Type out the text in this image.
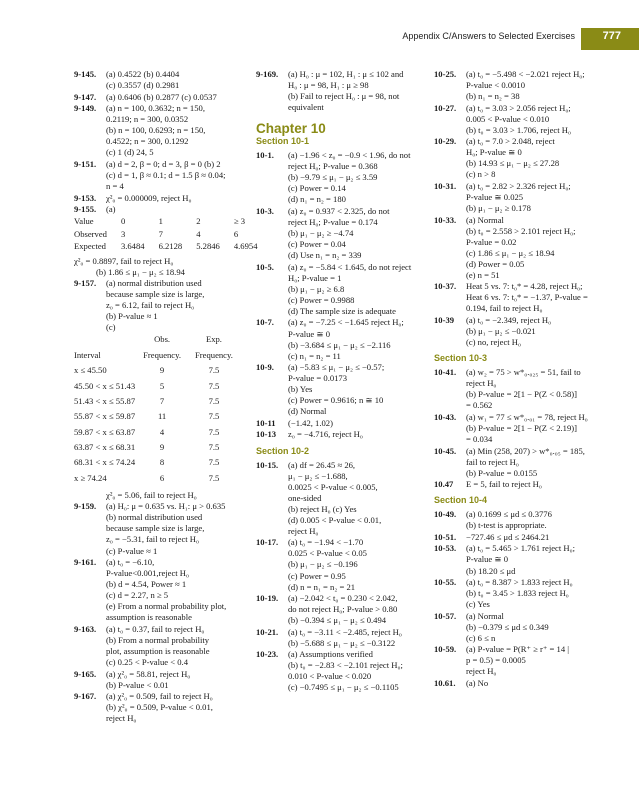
Appendix C/Answers to Selected Exercises	777
9-145. (a) 0.4522 (b) 0.4404
(c) 0.3557 (d) 0.2981
9-147. (a) 0.6406 (b) 0.2877 (c) 0.0537
9-149. (a) n = 100, 0.3632; n = 150,
0.2119; n = 300, 0.0352
(b) n = 100, 0.6293; n = 150,
0.4522; n = 300, 0.1292
(c) 1 (d) 24, 5
9-151. (a) d = 2, β = 0; d = 3, β = 0 (b) 2
(c) d = 1, β ≈ 0.1; d = 1.5 β ≈ 0.04;
n = 4
9-153. χ²₀ = 0.000009, reject H₀
9-155. (a)
Value	0	1	2	≥ 3
Observed	3	7	4	6
Expected	3.6484	6.2128	5.2846	4.6954
χ²₀ = 0.8897, fail to reject H₀
(b) 1.86 ≤ μ₁ − μ₂ ≤ 18.94
9-157. (a) normal distribution used
because sample size is large,
z₀ = 6.12, fail to reject H₀
(b) P-value ≈ 1
(c)
	Obs.	Exp.
Interval	Frequency.	Frequency.
x ≤ 45.50	9	7.5
45.50 < x ≤ 51.43	5	7.5
51.43 < x ≤ 55.87	7	7.5
55.87 < x ≤ 59.87	11	7.5
59.87 < x ≤ 63.87	4	7.5
63.87 < x ≤ 68.31	9	7.5
68.31 < x ≤ 74.24	8	7.5
x ≥ 74.24	6	7.5
χ²₀ = 5.06, fail to reject H₀
9-159. (a) H₀: μ = 0.635 vs. H₁: μ > 0.635
(b) normal distribution used
because sample size is large,
z₀ = −5.31, fail to reject H₀
(c) P-value ≈ 1
9-161. (a) t₀ = −6.10,
P-value<0.001,reject H₀
(b) d = 4.54, Power ≈ 1
(c) d = 2.27, n ≥ 5
(e) From a normal probability plot,
assumption is reasonable
9-163. (a) t₀ = 0.37, fail to reject H₀
(b) From a normal probability
plot, assumption is reasonable
(c) 0.25 < P-value < 0.4
9-165. (a) χ²₀ = 58.81, reject H₀
(b) P-value < 0.01
9-167. (a) χ²₀ = 0.509, fail to reject H₀
(b) χ²₀ = 0.509, P-value < 0.01,
reject H₀
9-169. (a) H₀ : μ = 102, H₁ : μ ≤ 102 and
H₀ : μ = 98, H₁ : μ ≥ 98
(b) Fail to reject H₀ : μ = 98, not
equivalent
Chapter 10
Section 10-1
10-1. (a) −1.96 < z₀ = −0.9 < 1.96, do not
reject H₀; P-value = 0.368
(b) −9.79 ≤ μ₁ − μ₂ ≤ 3.59
(c) Power = 0.14
(d) n₁ = n₂ = 180
10-3. (a) z₀ = 0.937 < 2.325, do not
reject H₀; P-value = 0.174
(b) μ₁ − μ₂ ≥ −4.74
(c) Power = 0.04
(d) Use n₁ = n₂ = 339
10-5. (a) z₀ = −5.84 < 1.645, do not reject
H₀; P-value = 1
(b) μ₁ − μ₂ ≥ 6.8
(c) Power = 0.9988
(d) The sample size is adequate
10-7. (a) z₀ = −7.25 < −1.645 reject H₀;
P-value ≅ 0
(b) −3.684 ≤ μ₁ − μ₂ ≤ −2.116
(c) n₁ = n₂ = 11
10-9. (a) −5.83 ≤ μ₁ − μ₂ ≤ −0.57;
P-value = 0.0173
(b) Yes
(c) Power = 0.9616; n ≅ 10
(d) Normal
10-11 (−1.42, 1.02)
10-13 z₀ = −4.716, reject H₀
Section 10-2
10-15. (a) df = 26.45 ≈ 26,
μ₁ − μ₂ ≤ −1.688,
0.0025 < P-value < 0.005,
one-sided
(b) reject H₀ (c) Yes
(d) 0.005 < P-value < 0.01,
reject H₀
10-17. (a) t₀ = −1.94 < −1.70
0.025 < P-value < 0.05
(b) μ₁ − μ₂ ≤ −0.196
(c) Power = 0.95
(d) n = n₁ = n₂ = 21
10-19. (a) −2.042 < t₀ = 0.230 < 2.042,
do not reject H₀; P-value > 0.80
(b) −0.394 ≤ μ₁ − μ₂ ≤ 0.494
10-21. (a) t₀ = −3.11 < −2.485, reject H₀
(b) −5.688 ≤ μ₁ − μ₂ ≤ −0.3122
10-23. (a) Assumptions verified
(b) t₀ = −2.83 < −2.101 reject H₀;
0.010 < P-value < 0.020
(c) −0.7495 ≤ μ₁ − μ₂ ≤ −0.1105
10-25. (a) t₀ = −5.498 < −2.021 reject H₀;
P-value < 0.0010
(b) n₁ = n₂ = 38
10-27. (a) t₀ = 3.03 > 2.056 reject H₀;
0.005 < P-value < 0.010
(b) t₀ = 3.03 > 1.706, reject H₀
10-29. (a) t₀ = 7.0 > 2.048, reject
H₀; P-value ≅ 0
(b) 14.93 ≤ μ₁ − μ₂ ≤ 27.28
(c) n > 8
10-31. (a) t₀ = 2.82 > 2.326 reject H₀;
P-value ≅ 0.025
(b) μ₁ − μ₂ ≥ 0.178
10-33. (a) Normal
(b) t₀ = 2.558 > 2.101 reject H₀;
P-value = 0.02
(c) 1.86 ≤ μ₁ − μ₂ ≤ 18.94
(d) Power = 0.05
(e) n = 51
10-37. Heat 5 vs. 7: t₀* = 4.28, reject H₀;
Heat 6 vs. 7: t₀* = −1.37, P-value =
0.194, fail to reject H₀
10-39 (a) t₀ = −2.349, reject H₀
(b) μ₁ − μ₂ ≤ −0.021
(c) no, reject H₀
Section 10-3
10-41. (a) w₂ = 75 > w*₀.₀₂₅ = 51, fail to
reject H₀
(b) P-value = 2[1 − P(Z < 0.58)]
= 0.562
10-43. (a) w₁ = 77 ≤ w*₀.₀₁ = 78, reject H₀
(b) P-value = 2[1 − P(Z < 2.19)]
= 0.034
10-45. (a) Min (258, 207) > w*₀.₀₅ = 185,
fail to reject H₀
(b) P-value = 0.0155
10.47 E = 5, fail to reject H₀
Section 10-4
10-49. (a) 0.1699 ≤ μd ≤ 0.3776
(b) t-test is appropriate.
10-51. −727.46 ≤ μd ≤ 2464.21
10-53. (a) t₀ = 5.465 > 1.761 reject H₀;
P-value ≅ 0
(b) 18.20 ≤ μd
10-55. (a) t₀ = 8.387 > 1.833 reject H₀
(b) t₀ = 3.45 > 1.833 reject H₀
(c) Yes
10-57. (a) Normal
(b) −0.379 ≤ μd ≤ 0.349
(c) 6 ≤ n
10-59. (a) P-value = P(R⁺ ≥ r⁺ = 14 |
p = 0.5) = 0.0005
reject H₀
10.61. (a) No
